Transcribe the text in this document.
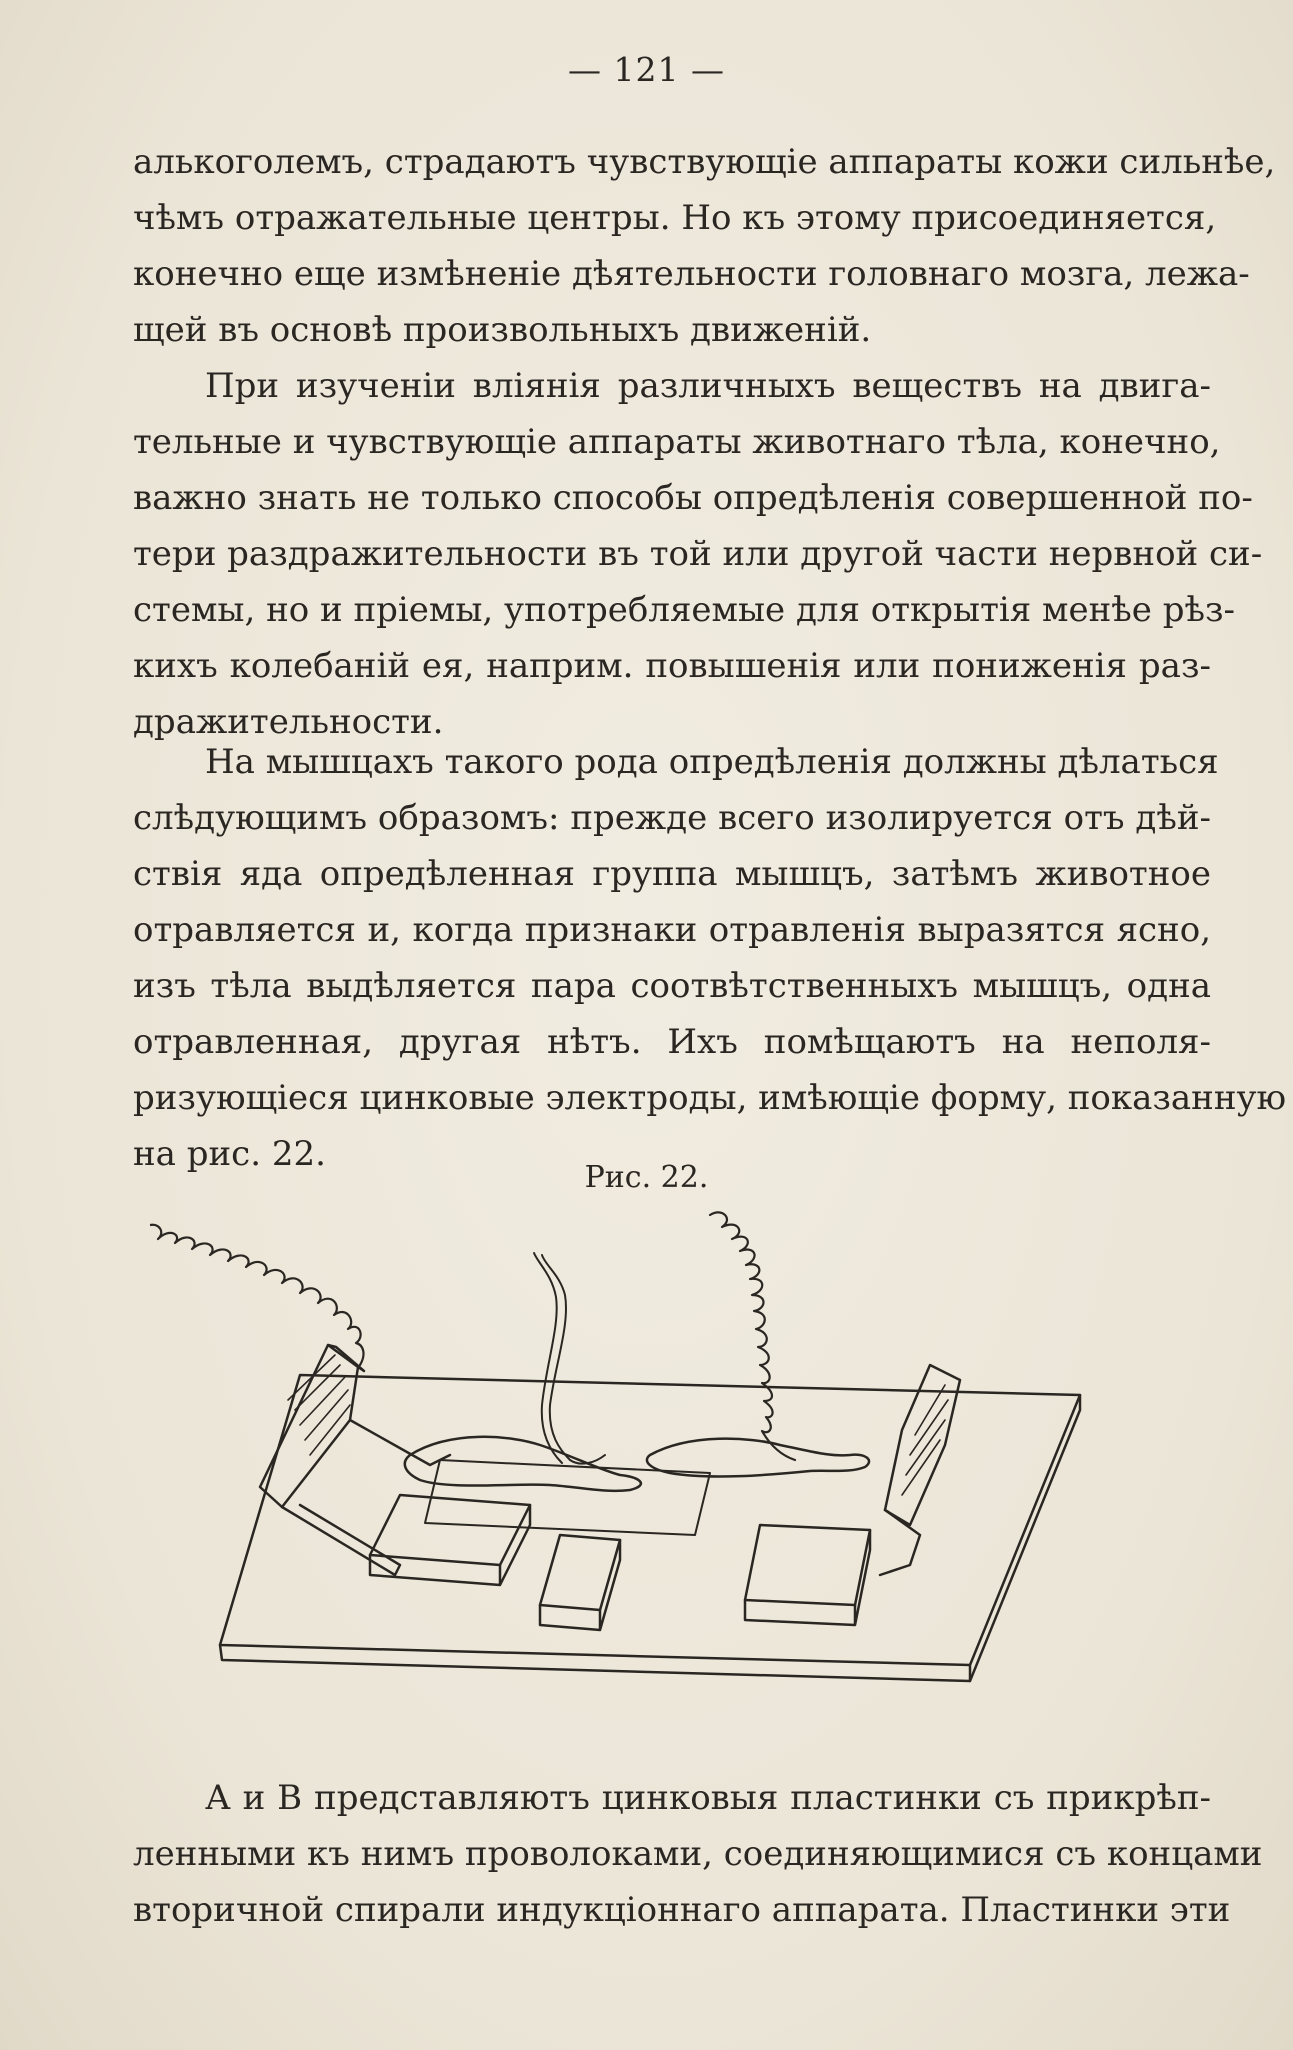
— 121 —
алькоголемъ, страдаютъ чувствующіе аппараты кожи сильнѣе,
чѣмъ отражательные центры. Но къ этому присоединяется,
конечно еще измѣненіе дѣятельности головнаго мозга, лежа-
щей въ основѣ произвольныхъ движеній.
При изученіи вліянія различныхъ веществъ на двига-
тельные и чувствующіе аппараты животнаго тѣла, конечно,
важно знать не только способы опредѣленія совершенной по-
тери раздражительности въ той или другой части нервной си-
стемы, но и пріемы, употребляемые для открытія менѣе рѣз-
кихъ колебаній ея, наприм. повышенія или пониженія раз-
дражительности.
На мышцахъ такого рода опредѣленія должны дѣлаться
слѣдующимъ образомъ: прежде всего изолируется отъ дѣй-
ствія яда опредѣленная группа мышцъ, затѣмъ животное
отравляется и, когда признаки отравленія выразятся ясно,
изъ тѣла выдѣляется пара соотвѣтственныхъ мышцъ, одна
отравленная, другая нѣтъ. Ихъ помѣщаютъ на неполя-
ризующіеся цинковые электроды, имѣющіе форму, показанную
на рис. 22.
Рис. 22.
А и В представляютъ цинковыя пластинки съ прикрѣп-
ленными къ нимъ проволоками, соединяющимися съ концами
вторичной спирали индукціоннаго аппарата. Пластинки эти
